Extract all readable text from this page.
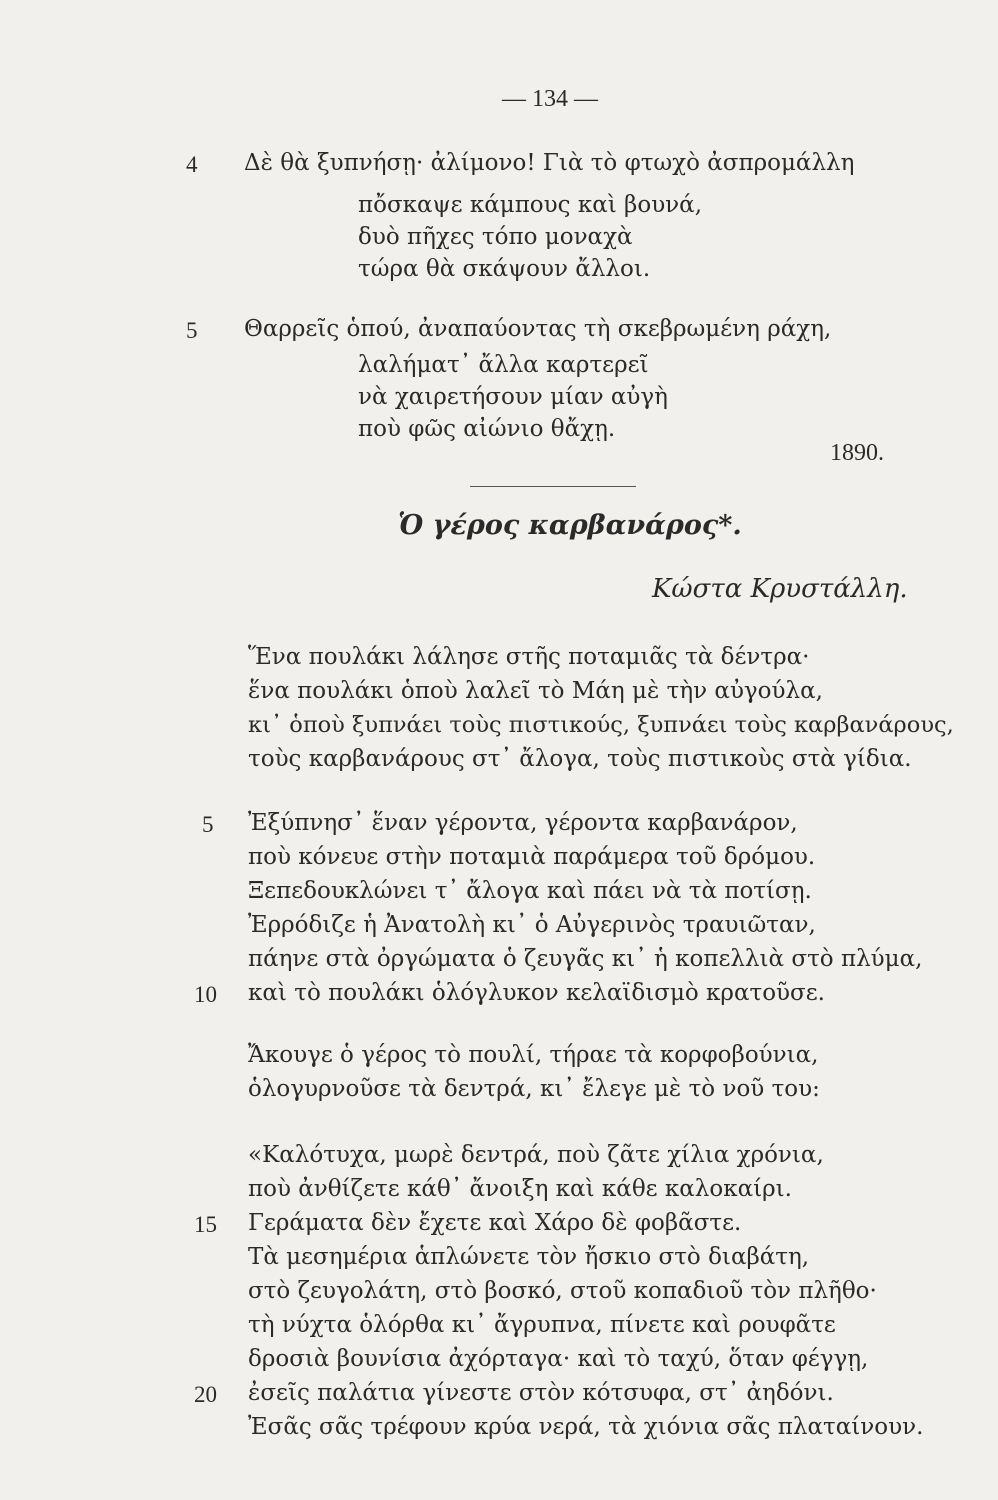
— 134 —
4 Δὲ θὰ ξυπνήσῃ· ἀλίμονο! Γιὰ τὸ φτωχὸ ἀσπρομάλλη
πὄσκαψε κάμπους καὶ βουνά,
δυὸ πῆχες τόπο μοναχὰ
τώρα θὰ σκάψουν ἄλλοι.
5 Θαρρεῖς ὁπού, ἀναπαύοντας τὴ σκεβρωμένη ράχη,
λαλήματ᾽ ἄλλα καρτερεῖ
νὰ χαιρετήσουν μίαν αὐγὴ
ποὺ φῶς αἰώνιο θἄχῃ.
1890.
Ὁ γέρος καρβανάρος*.
Κώστα Κρυστάλλη.
Ἕνα πουλάκι λάλησε στῆς ποταμιᾶς τὰ δέντρα·
ἕνα πουλάκι ὁποὺ λαλεῖ τὸ Μάη μὲ τὴν αὐγούλα,
κι᾽ ὁποὺ ξυπνάει τοὺς πιστικούς, ξυπνάει τοὺς καρβανάρους,
τοὺς καρβανάρους στ᾽ ἄλογα, τοὺς πιστικοὺς στὰ γίδια.
5 Ἐξύπνησ᾽ ἕναν γέροντα, γέροντα καρβανάρον,
ποὺ κόνευε στὴν ποταμιὰ παράμερα τοῦ δρόμου.
Ξεπεδουκλώνει τ᾽ ἄλογα καὶ πάει νὰ τὰ ποτίσῃ.
Ἐρρόδιζε ἡ Ἀνατολὴ κι᾽ ὁ Αὐγερινὸς τραυιῶταν,
πάηνε στὰ ὀργώματα ὁ ζευγᾶς κι᾽ ἡ κοπελλιὰ στὸ πλύμα,
10 καὶ τὸ πουλάκι ὁλόγλυκον κελαϊδισμὸ κρατοῦσε.
Ἄκουγε ὁ γέρος τὸ πουλί, τήραε τὰ κορφοβούνια,
ὁλογυρνοῦσε τὰ δεντρά, κι᾽ ἔλεγε μὲ τὸ νοῦ του:
«Καλότυχα, μωρὲ δεντρά, ποὺ ζᾶτε χίλια χρόνια,
ποὺ ἀνθίζετε κάθ᾽ ἄνοιξη καὶ κάθε καλοκαίρι.
15 Γεράματα δὲν ἔχετε καὶ Χάρο δὲ φοβᾶστε.
Τὰ μεσημέρια ἁπλώνετε τὸν ἤσκιο στὸ διαβάτη,
στὸ ζευγολάτη, στὸ βοσκό, στοῦ κοπαδιοῦ τὸν πλῆθο·
τὴ νύχτα ὁλόρθα κι᾽ ἄγρυπνα, πίνετε καὶ ρουφᾶτε
δροσιὰ βουνίσια ἀχόρταγα· καὶ τὸ ταχύ, ὅταν φέγγῃ,
20 ἐσεῖς παλάτια γίνεστε στὸν κότσυφα, στ᾽ ἀηδόνι.
Ἐσᾶς σᾶς τρέφουν κρύα νερά, τὰ χιόνια σᾶς πλαταίνουν.
